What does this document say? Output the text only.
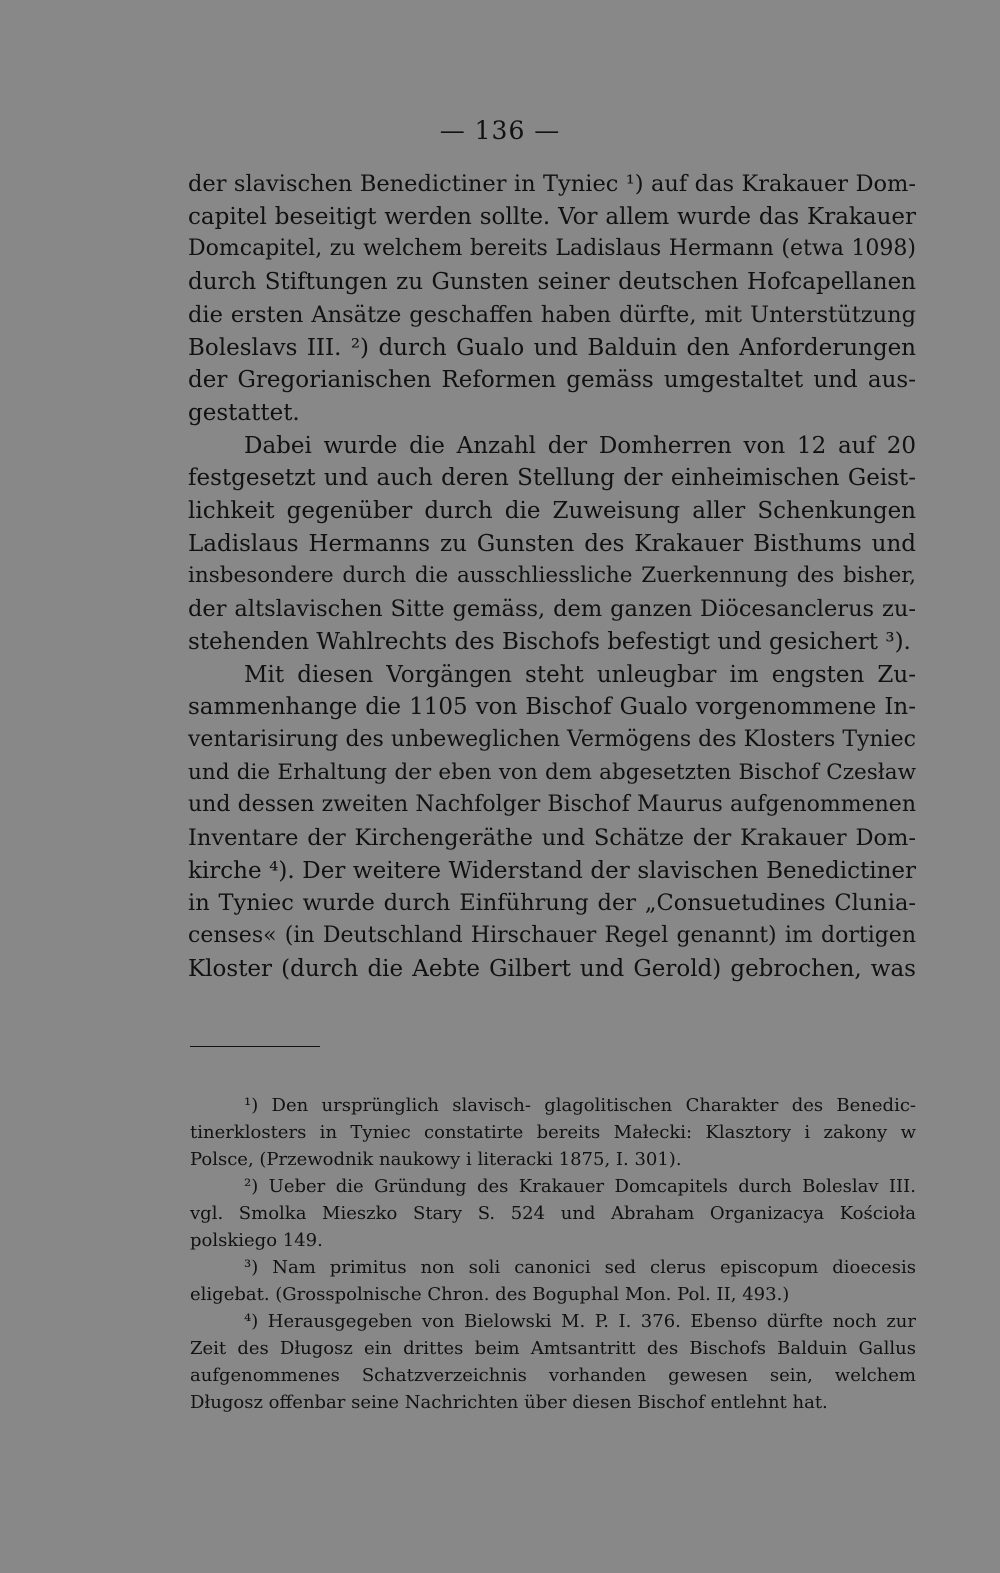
— 136 —
der slavischen Benedictiner in Tyniec ¹) auf das Krakauer Dom-
capitel beseitigt werden sollte. Vor allem wurde das Krakauer
Domcapitel, zu welchem bereits Ladislaus Hermann (etwa 1098)
durch Stiftungen zu Gunsten seiner deutschen Hofcapellanen
die ersten Ansätze geschaffen haben dürfte, mit Unterstützung
Boleslavs III. ²) durch Gualo und Balduin den Anforderungen
der Gregorianischen Reformen gemäss umgestaltet und aus-
gestattet.
Dabei wurde die Anzahl der Domherren von 12 auf 20
festgesetzt und auch deren Stellung der einheimischen Geist-
lichkeit gegenüber durch die Zuweisung aller Schenkungen
Ladislaus Hermanns zu Gunsten des Krakauer Bisthums und
insbesondere durch die ausschliessliche Zuerkennung des bisher,
der altslavischen Sitte gemäss, dem ganzen Diöcesanclerus zu-
stehenden Wahlrechts des Bischofs befestigt und gesichert ³).
Mit diesen Vorgängen steht unleugbar im engsten Zu-
sammenhange die 1105 von Bischof Gualo vorgenommene In-
ventarisirung des unbeweglichen Vermögens des Klosters Tyniec
und die Erhaltung der eben von dem abgesetzten Bischof Czesław
und dessen zweiten Nachfolger Bischof Maurus aufgenommenen
Inventare der Kirchengeräthe und Schätze der Krakauer Dom-
kirche ⁴). Der weitere Widerstand der slavischen Benedictiner
in Tyniec wurde durch Einführung der „Consuetudines Clunia-
censes« (in Deutschland Hirschauer Regel genannt) im dortigen
Kloster (durch die Aebte Gilbert und Gerold) gebrochen, was
¹) Den ursprünglich slavisch- glagolitischen Charakter des Benedic-
tinerklosters in Tyniec constatirte bereits Małecki: Klasztory i zakony w
Polsce, (Przewodnik naukowy i literacki 1875, I. 301).
²) Ueber die Gründung des Krakauer Domcapitels durch Boleslav III.
vgl. Smolka Mieszko Stary S. 524 und Abraham Organizacya Kościoła
polskiego 149.
³) Nam primitus non soli canonici sed clerus episcopum dioecesis
eligebat. (Grosspolnische Chron. des Boguphal Mon. Pol. II, 493.)
⁴) Herausgegeben von Bielowski M. P. I. 376. Ebenso dürfte noch zur
Zeit des Długosz ein drittes beim Amtsantritt des Bischofs Balduin Gallus
aufgenommenes Schatzverzeichnis vorhanden gewesen sein, welchem
Długosz offenbar seine Nachrichten über diesen Bischof entlehnt hat.
